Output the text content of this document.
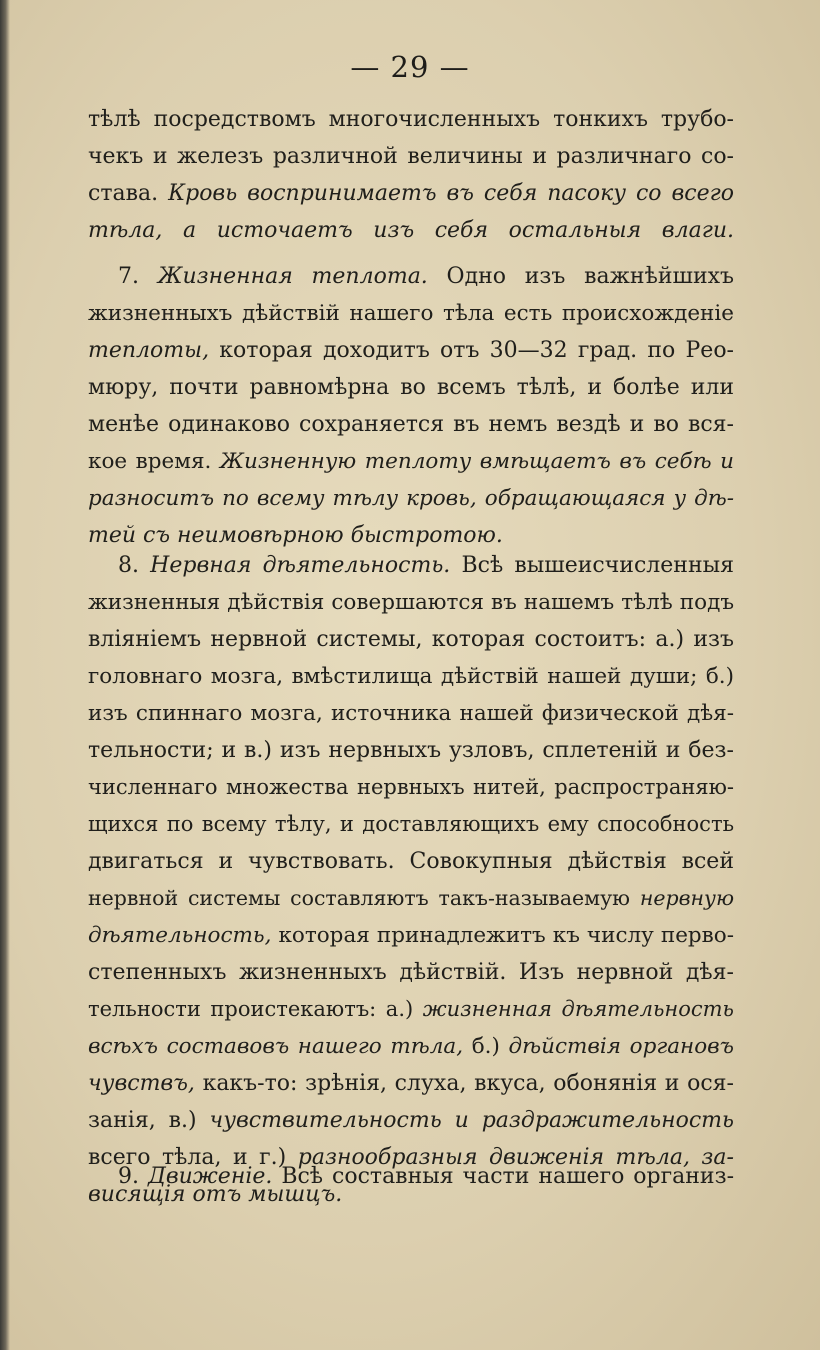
— 29 —
тѣлѣ посредствомъ многочисленныхъ тонкихъ трубо-
чекъ и железъ различной величины и различнаго со-
става. Кровь воспринимаетъ въ себя пасоку со всего
тѣла, а источаетъ изъ себя остальныя влаги.
7. Жизненная теплота. Одно изъ важнѣйшихъ
жизненныхъ дѣйствій нашего тѣла есть происхожденіе
теплоты, которая доходитъ отъ 30—32 град. по Рео-
мюру, почти равномѣрна во всемъ тѣлѣ, и болѣе или
менѣе одинаково сохраняется въ немъ вездѣ и во вся-
кое время. Жизненную теплоту вмѣщаетъ въ себѣ и
разноситъ по всему тѣлу кровь, обращающаяся у дѣ-
тей съ неимовѣрною быстротою.
8. Нервная дѣятельность. Всѣ вышеисчисленныя
жизненныя дѣйствія совершаются въ нашемъ тѣлѣ подъ
вліяніемъ нервной системы, которая состоитъ: а.) изъ
головнаго мозга, вмѣстилища дѣйствій нашей души; б.)
изъ спиннаго мозга, источника нашей физической дѣя-
тельности; и в.) изъ нервныхъ узловъ, сплетеній и без-
численнаго множества нервныхъ нитей, распространяю-
щихся по всему тѣлу, и доставляющихъ ему способность
двигаться и чувствовать. Совокупныя дѣйствія всей
нервной системы составляютъ такъ-называемую нервную
дѣятельность, которая принадлежитъ къ числу перво-
степенныхъ жизненныхъ дѣйствій. Изъ нервной дѣя-
тельности проистекаютъ: а.) жизненная дѣятельность
всѣхъ составовъ нашего тѣла, б.) дѣйствія органовъ
чувствъ, какъ-то: зрѣнія, слуха, вкуса, обонянія и ося-
занія, в.) чувствительность и раздражительность
всего тѣла, и г.) разнообразныя движенія тѣла, за-
висящія отъ мышцъ.
9. Движеніе. Всѣ составныя части нашего организ-
